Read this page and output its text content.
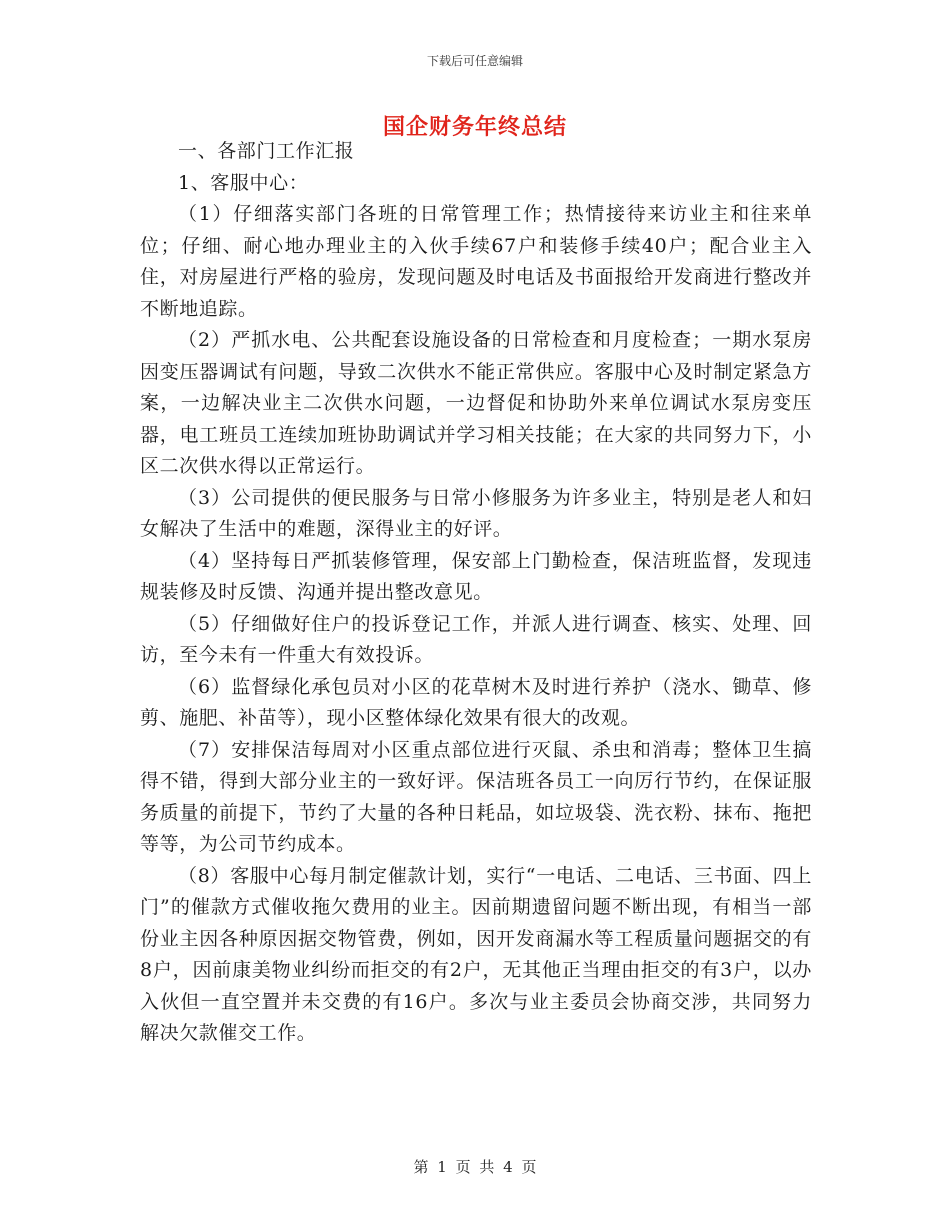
下载后可任意编辑
国企财务年终总结

一、各部门工作汇报

1、客服中心：

（1）仔细落实部门各班的日常管理工作；热情接待来访业主和往来单位；仔细、耐心地办理业主的入伙手续67户和装修手续40户；配合业主入住，对房屋进行严格的验房，发现问题及时电话及书面报给开发商进行整改并不断地追踪。

（2）严抓水电、公共配套设施设备的日常检查和月度检查；一期水泵房因变压器调试有问题，导致二次供水不能正常供应。客服中心及时制定紧急方案，一边解决业主二次供水问题，一边督促和协助外来单位调试水泵房变压器，电工班员工连续加班协助调试并学习相关技能；在大家的共同努力下，小区二次供水得以正常运行。

（3）公司提供的便民服务与日常小修服务为许多业主，特别是老人和妇女解决了生活中的难题，深得业主的好评。

（4）坚持每日严抓装修管理，保安部上门勤检查，保洁班监督，发现违规装修及时反馈、沟通并提出整改意见。

（5）仔细做好住户的投诉登记工作，并派人进行调查、核实、处理、回访，至今未有一件重大有效投诉。

（6）监督绿化承包员对小区的花草树木及时进行养护（浇水、锄草、修剪、施肥、补苗等），现小区整体绿化效果有很大的改观。

（7）安排保洁每周对小区重点部位进行灭鼠、杀虫和消毒；整体卫生搞得不错，得到大部分业主的一致好评。保洁班各员工一向厉行节约，在保证服务质量的前提下，节约了大量的各种日耗品，如垃圾袋、洗衣粉、抹布、拖把等等，为公司节约成本。

（8）客服中心每月制定催款计划，实行“一电话、二电话、三书面、四上门”的催款方式催收拖欠费用的业主。因前期遗留问题不断出现，有相当一部份业主因各种原因据交物管费，例如，因开发商漏水等工程质量问题据交的有8户，因前康美物业纠纷而拒交的有2户，无其他正当理由拒交的有3户，以办入伙但一直空置并未交费的有16户。多次与业主委员会协商交涉，共同努力解决欠款催交工作。

第 1 页 共 4 页
